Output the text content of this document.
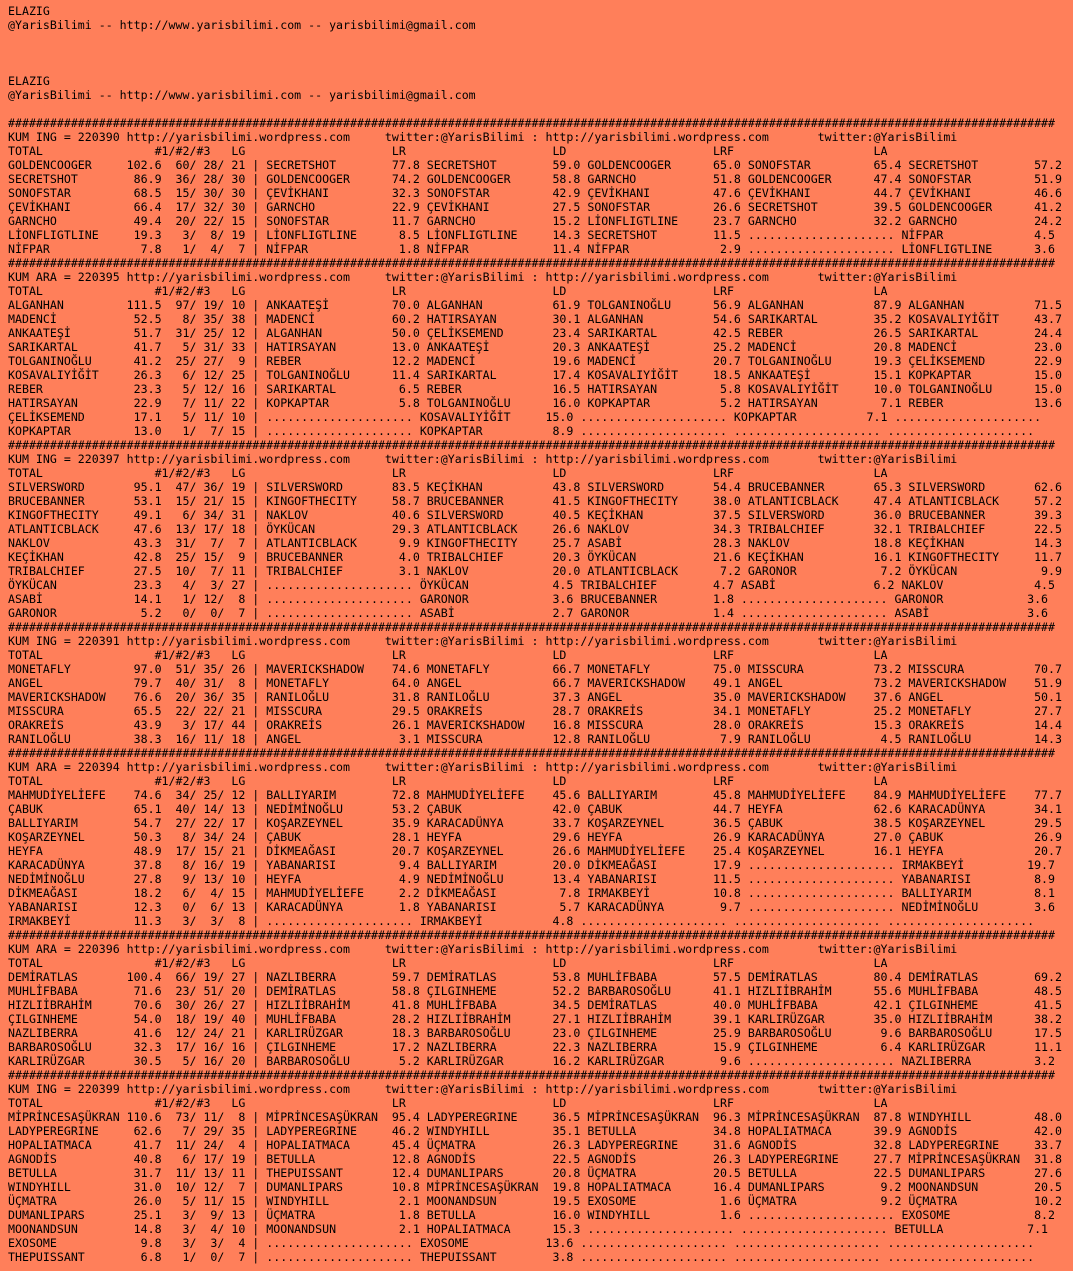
ELAZIG
@YarisBilimi -- http://www.yarisbilimi.com -- yarisbilimi@gmail.com
ELAZIG
@YarisBilimi -- http://www.yarisbilimi.com -- yarisbilimi@gmail.com
######################################################################################################################################################
KUM ING = 220390 http://yarisbilimi.wordpress.com     twitter:@YarisBilimi : http://yarisbilimi.wordpress.com       twitter:@YarisBilimi
TOTAL                #1/#2/#3   LG                     LR                     LD                     LRF                    LA
GOLDENCOOGER     102.6  60/ 28/ 21 | SECRETSHOT        77.8 SECRETSHOT        59.0 GOLDENCOOGER      65.0 SONOFSTAR         65.4 SECRETSHOT        57.2
SECRETSHOT        86.9  36/ 28/ 30 | GOLDENCOOGER      74.2 GOLDENCOOGER      58.8 GARNCHO           51.8 GOLDENCOOGER      47.4 SONOFSTAR         51.9
SONOFSTAR         68.5  15/ 30/ 30 | ÇEVİKHANI         32.3 SONOFSTAR         42.9 ÇEVİKHANI         47.6 ÇEVİKHANI         44.7 ÇEVİKHANI         46.6
ÇEVİKHANI         66.4  17/ 32/ 30 | GARNCHO           22.9 ÇEVİKHANI         27.5 SONOFSTAR         26.6 SECRETSHOT        39.5 GOLDENCOOGER      41.2
GARNCHO           49.4  20/ 22/ 15 | SONOFSTAR         11.7 GARNCHO           15.2 LİONFLIGTLINE     23.7 GARNCHO           32.2 GARNCHO           24.2
LİONFLIGTLINE     19.3   3/  8/ 19 | LİONFLIGTLINE      8.5 LİONFLIGTLINE     14.3 SECRETSHOT        11.5 ..................... NİFPAR             4.5
NİFPAR             7.8   1/  4/  7 | NİFPAR             1.8 NİFPAR            11.4 NİFPAR             2.9 ..................... LİONFLIGTLINE      3.6
######################################################################################################################################################
KUM ARA = 220395 http://yarisbilimi.wordpress.com     twitter:@YarisBilimi : http://yarisbilimi.wordpress.com       twitter:@YarisBilimi
TOTAL                #1/#2/#3   LG                     LR                     LD                     LRF                    LA
ALGANHAN         111.5  97/ 19/ 10 | ANKAATEŞİ         70.0 ALGANHAN          61.9 TOLGANINOĞLU      56.9 ALGANHAN          87.9 ALGANHAN          71.5
MADENCİ           52.5   8/ 35/ 38 | MADENCİ           60.2 HATIRSAYAN        30.1 ALGANHAN          54.6 SARIKARTAL        35.2 KOSAVALIYİĞİT     43.7
ANKAATEŞİ         51.7  31/ 25/ 12 | ALGANHAN          50.0 ÇELİKSEMEND       23.4 SARIKARTAL        42.5 REBER             26.5 SARIKARTAL        24.4
SARIKARTAL        41.7   5/ 31/ 33 | HATIRSAYAN        13.0 ANKAATEŞİ         20.3 ANKAATEŞİ         25.2 MADENCİ           20.8 MADENCİ           23.0
TOLGANINOĞLU      41.2  25/ 27/  9 | REBER             12.2 MADENCİ           19.6 MADENCİ           20.7 TOLGANINOĞLU      19.3 ÇELİKSEMEND       22.9
KOSAVALIYİĞİT     26.3   6/ 12/ 25 | TOLGANINOĞLU      11.4 SARIKARTAL        17.4 KOSAVALIYİĞİT     18.5 ANKAATEŞİ         15.1 KOPKAPTAR         15.0
REBER             23.3   5/ 12/ 16 | SARIKARTAL         6.5 REBER             16.5 HATIRSAYAN         5.8 KOSAVALIYİĞİT     10.0 TOLGANINOĞLU      15.0
HATIRSAYAN        22.9   7/ 11/ 22 | KOPKAPTAR          5.8 TOLGANINOĞLU      16.0 KOPKAPTAR          5.2 HATIRSAYAN         7.1 REBER             13.6
ÇELİKSEMEND       17.1   5/ 11/ 10 | ..................... KOSAVALIYİĞİT     15.0 ..................... KOPKAPTAR          7.1 .....................
KOPKAPTAR         13.0   1/  7/ 15 | ..................... KOPKAPTAR          8.9 ..................... ..................... .....................
######################################################################################################################################################
KUM ING = 220397 http://yarisbilimi.wordpress.com     twitter:@YarisBilimi : http://yarisbilimi.wordpress.com       twitter:@YarisBilimi
TOTAL                #1/#2/#3   LG                     LR                     LD                     LRF                    LA
SILVERSWORD       95.1  47/ 36/ 19 | SILVERSWORD       83.5 KEÇİKHAN          43.8 SILVERSWORD       54.4 BRUCEBANNER       65.3 SILVERSWORD       62.6
BRUCEBANNER       53.1  15/ 21/ 15 | KINGOFTHECITY     58.7 BRUCEBANNER       41.5 KINGOFTHECITY     38.0 ATLANTICBLACK     47.4 ATLANTICBLACK     57.2
KINGOFTHECITY     49.1   6/ 34/ 31 | NAKLOV            40.6 SILVERSWORD       40.5 KEÇİKHAN          37.5 SILVERSWORD       36.0 BRUCEBANNER       39.3
ATLANTICBLACK     47.6  13/ 17/ 18 | ÖYKÜCAN           29.3 ATLANTICBLACK     26.6 NAKLOV            34.3 TRIBALCHIEF       32.1 TRIBALCHIEF       22.5
NAKLOV            43.3  31/  7/  7 | ATLANTICBLACK      9.9 KINGOFTHECITY     25.7 ASABİ             28.3 NAKLOV            18.8 KEÇİKHAN          14.3
KEÇİKHAN          42.8  25/ 15/  9 | BRUCEBANNER        4.0 TRIBALCHIEF       20.3 ÖYKÜCAN           21.6 KEÇİKHAN          16.1 KINGOFTHECITY     11.7
TRIBALCHIEF       27.5  10/  7/ 11 | TRIBALCHIEF        3.1 NAKLOV            20.0 ATLANTICBLACK      7.2 GARONOR            7.2 ÖYKÜCAN            9.9
ÖYKÜCAN           23.3   4/  3/ 27 | ..................... ÖYKÜCAN            4.5 TRIBALCHIEF        4.7 ASABİ              6.2 NAKLOV             4.5
ASABİ             14.1   1/ 12/  8 | ..................... GARONOR            3.6 BRUCEBANNER        1.8 ..................... GARONOR            3.6
GARONOR            5.2   0/  0/  7 | ..................... ASABİ              2.7 GARONOR            1.4 ..................... ASABİ              3.6
######################################################################################################################################################
KUM ING = 220391 http://yarisbilimi.wordpress.com     twitter:@YarisBilimi : http://yarisbilimi.wordpress.com       twitter:@YarisBilimi
TOTAL                #1/#2/#3   LG                     LR                     LD                     LRF                    LA
MONETAFLY         97.0  51/ 35/ 26 | MAVERICKSHADOW    74.6 MONETAFLY         66.7 MONETAFLY         75.0 MISSCURA          73.2 MISSCURA          70.7
ANGEL             79.7  40/ 31/  8 | MONETAFLY         64.0 ANGEL             66.7 MAVERICKSHADOW    49.1 ANGEL             73.2 MAVERICKSHADOW    51.9
MAVERICKSHADOW    76.6  20/ 36/ 35 | RANILOĞLU         31.8 RANILOĞLU         37.3 ANGEL             35.0 MAVERICKSHADOW    37.6 ANGEL             50.1
MISSCURA          65.5  22/ 22/ 21 | MISSCURA          29.5 ORAKREİS          28.7 ORAKREİS          34.1 MONETAFLY         25.2 MONETAFLY         27.7
ORAKREİS          43.9   3/ 17/ 44 | ORAKREİS          26.1 MAVERICKSHADOW    16.8 MISSCURA          28.0 ORAKREİS          15.3 ORAKREİS          14.4
RANILOĞLU         38.3  16/ 11/ 18 | ANGEL              3.1 MISSCURA          12.8 RANILOĞLU          7.9 RANILOĞLU          4.5 RANILOĞLU         14.3
######################################################################################################################################################
KUM ARA = 220394 http://yarisbilimi.wordpress.com     twitter:@YarisBilimi : http://yarisbilimi.wordpress.com       twitter:@YarisBilimi
TOTAL                #1/#2/#3   LG                     LR                     LD                     LRF                    LA
MAHMUDİYELİEFE    74.6  34/ 25/ 12 | BALLIYARIM        72.8 MAHMUDİYELİEFE    45.6 BALLIYARIM        45.8 MAHMUDİYELİEFE    84.9 MAHMUDİYELİEFE    77.7
ÇABUK             65.1  40/ 14/ 13 | NEDİMİNOĞLU       53.2 ÇABUK             42.0 ÇABUK             44.7 HEYFA             62.6 KARACADÜNYA       34.1
BALLIYARIM        54.7  27/ 22/ 17 | KOŞARZEYNEL       35.9 KARACADÜNYA       33.7 KOŞARZEYNEL       36.5 ÇABUK             38.5 KOŞARZEYNEL       29.5
KOŞARZEYNEL       50.3   8/ 34/ 24 | ÇABUK             28.1 HEYFA             29.6 HEYFA             26.9 KARACADÜNYA       27.0 ÇABUK             26.9
HEYFA             48.9  17/ 15/ 21 | DİKMEAĞASI        20.7 KOŞARZEYNEL       26.6 MAHMUDİYELİEFE    25.4 KOŞARZEYNEL       16.1 HEYFA             20.7
KARACADÜNYA       37.8   8/ 16/ 19 | YABANARISI         9.4 BALLIYARIM        20.0 DİKMEAĞASI        17.9 ..................... IRMAKBEYİ         19.7
NEDİMİNOĞLU       27.8   9/ 13/ 10 | HEYFA              4.9 NEDİMİNOĞLU       13.4 YABANARISI        11.5 ..................... YABANARISI         8.9
DİKMEAĞASI        18.2   6/  4/ 15 | MAHMUDİYELİEFE     2.2 DİKMEAĞASI         7.8 IRMAKBEYİ         10.8 ..................... BALLIYARIM         8.1
YABANARISI        12.3   0/  6/ 13 | KARACADÜNYA        1.8 YABANARISI         5.7 KARACADÜNYA        9.7 ..................... NEDİMİNOĞLU        3.6
IRMAKBEYİ         11.3   3/  3/  8 | ..................... IRMAKBEYİ          4.8 ..................... ..................... .....................
######################################################################################################################################################
KUM ARA = 220396 http://yarisbilimi.wordpress.com     twitter:@YarisBilimi : http://yarisbilimi.wordpress.com       twitter:@YarisBilimi
TOTAL                #1/#2/#3   LG                     LR                     LD                     LRF                    LA
DEMİRATLAS       100.4  66/ 19/ 27 | NAZLIBERRA        59.7 DEMİRATLAS        53.8 MUHLİFBABA        57.5 DEMİRATLAS        80.4 DEMİRATLAS        69.2
MUHLİFBABA        71.6  23/ 51/ 20 | DEMİRATLAS        58.8 ÇILGINHEME        52.2 BARBAROSOĞLU      41.1 HIZLIİBRAHİM      55.6 MUHLİFBABA        48.5
HIZLIİBRAHİM      70.6  30/ 26/ 27 | HIZLIİBRAHİM      41.8 MUHLİFBABA        34.5 DEMİRATLAS        40.0 MUHLİFBABA        42.1 ÇILGINHEME        41.5
ÇILGINHEME        54.0  18/ 19/ 40 | MUHLİFBABA        28.2 HIZLIİBRAHİM      27.1 HIZLIİBRAHİM      39.1 KARLIRÜZGAR       35.0 HIZLIİBRAHİM      38.2
NAZLIBERRA        41.6  12/ 24/ 21 | KARLIRÜZGAR       18.3 BARBAROSOĞLU      23.0 ÇILGINHEME        25.9 BARBAROSOĞLU       9.6 BARBAROSOĞLU      17.5
BARBAROSOĞLU      32.3  17/ 16/ 16 | ÇILGINHEME        17.2 NAZLIBERRA        22.3 NAZLIBERRA        15.9 ÇILGINHEME         6.4 KARLIRÜZGAR       11.1
KARLIRÜZGAR       30.5   5/ 16/ 20 | BARBAROSOĞLU       5.2 KARLIRÜZGAR       16.2 KARLIRÜZGAR        9.6 ..................... NAZLIBERRA         3.2
######################################################################################################################################################
KUM ING = 220399 http://yarisbilimi.wordpress.com     twitter:@YarisBilimi : http://yarisbilimi.wordpress.com       twitter:@YarisBilimi
TOTAL                #1/#2/#3   LG                     LR                     LD                     LRF                    LA
MİPRİNCESAŞÜKRAN 110.6  73/ 11/  8 | MİPRİNCESAŞÜKRAN  95.4 LADYPEREGRINE     36.5 MİPRİNCESAŞÜKRAN  96.3 MİPRİNCESAŞÜKRAN  87.8 WINDYHILL         48.0
LADYPEREGRINE     62.6   7/ 29/ 35 | LADYPEREGRINE     46.2 WINDYHILL         35.1 BETULLA           34.8 HOPALIATMACA      39.9 AGNODİS           42.0
HOPALIATMACA      41.7  11/ 24/  4 | HOPALIATMACA      45.4 ÜÇMATRA           26.3 LADYPEREGRINE     31.6 AGNODİS           32.8 LADYPEREGRINE     33.7
AGNODİS           40.8   6/ 17/ 19 | BETULLA           12.8 AGNODİS           22.5 AGNODİS           26.3 LADYPEREGRINE     27.7 MİPRİNCESAŞÜKRAN  31.8
BETULLA           31.7  11/ 13/ 11 | THEPUISSANT       12.4 DUMANLIPARS       20.8 ÜÇMATRA           20.5 BETULLA           22.5 DUMANLIPARS       27.6
WINDYHILL         31.0  10/ 12/  7 | DUMANLIPARS       10.8 MİPRİNCESAŞÜKRAN  19.8 HOPALIATMACA      16.4 DUMANLIPARS        9.2 MOONANDSUN        20.5
ÜÇMATRA           26.0   5/ 11/ 15 | WINDYHILL          2.1 MOONANDSUN        19.5 EXOSOME            1.6 ÜÇMATRA            9.2 ÜÇMATRA           10.2
DUMANLIPARS       25.1   3/  9/ 13 | ÜÇMATRA            1.8 BETULLA           16.0 WINDYHILL          1.6 ..................... EXOSOME            8.2
MOONANDSUN        14.8   3/  4/ 10 | MOONANDSUN         2.1 HOPALIATMACA      15.3 ..................... ..................... BETULLA            7.1
EXOSOME            9.8   3/  3/  4 | ..................... EXOSOME           13.6 ..................... ..................... .....................
THEPUISSANT        6.8   1/  0/  7 | ..................... THEPUISSANT        3.8 ..................... ..................... .....................
